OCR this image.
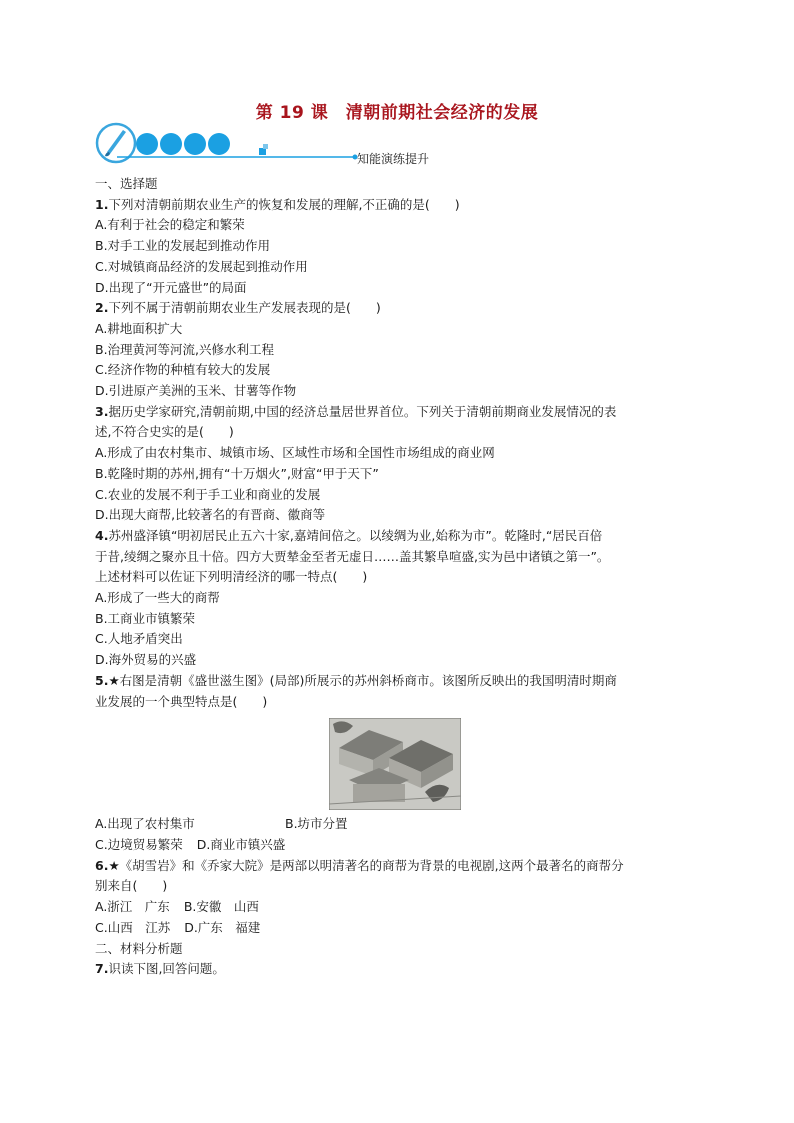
第 19 课　清朝前期社会经济的发展
知能演练提升
一、选择题
1.下列对清朝前期农业生产的恢复和发展的理解,不正确的是(　　)
A.有利于社会的稳定和繁荣
B.对手工业的发展起到推动作用
C.对城镇商品经济的发展起到推动作用
D.出现了“开元盛世”的局面
2.下列不属于清朝前期农业生产发展表现的是(　　)
A.耕地面积扩大
B.治理黄河等河流,兴修水利工程
C.经济作物的种植有较大的发展
D.引进原产美洲的玉米、甘薯等作物
3.据历史学家研究,清朝前期,中国的经济总量居世界首位。下列关于清朝前期商业发展情况的表
述,不符合史实的是(　　)
A.形成了由农村集市、城镇市场、区域性市场和全国性市场组成的商业网
B.乾隆时期的苏州,拥有“十万烟火”,财富“甲于天下”
C.农业的发展不利于手工业和商业的发展
D.出现大商帮,比较著名的有晋商、徽商等
4.苏州盛泽镇“明初居民止五六十家,嘉靖间倍之。以绫绸为业,始称为市”。乾隆时,“居民百倍
于昔,绫绸之聚亦且十倍。四方大贾辇金至者无虚日……盖其繁阜喧盛,实为邑中诸镇之第一”。
上述材料可以佐证下列明清经济的哪一特点(　　)
A.形成了一些大的商帮
B.工商业市镇繁荣
C.人地矛盾突出
D.海外贸易的兴盛
5.★右图是清朝《盛世滋生图》(局部)所展示的苏州斜桥商市。该图所反映出的我国明清时期商
业发展的一个典型特点是(　　)
A.出现了农村集市	B.坊市分置
C.边境贸易繁荣 D.商业市镇兴盛
6.★《胡雪岩》和《乔家大院》是两部以明清著名的商帮为背景的电视剧,这两个最著名的商帮分
别来自(　　)
A.浙江　广东 B.安徽　山西
C.山西　江苏 D.广东　福建
二、材料分析题
7.识读下图,回答问题。
